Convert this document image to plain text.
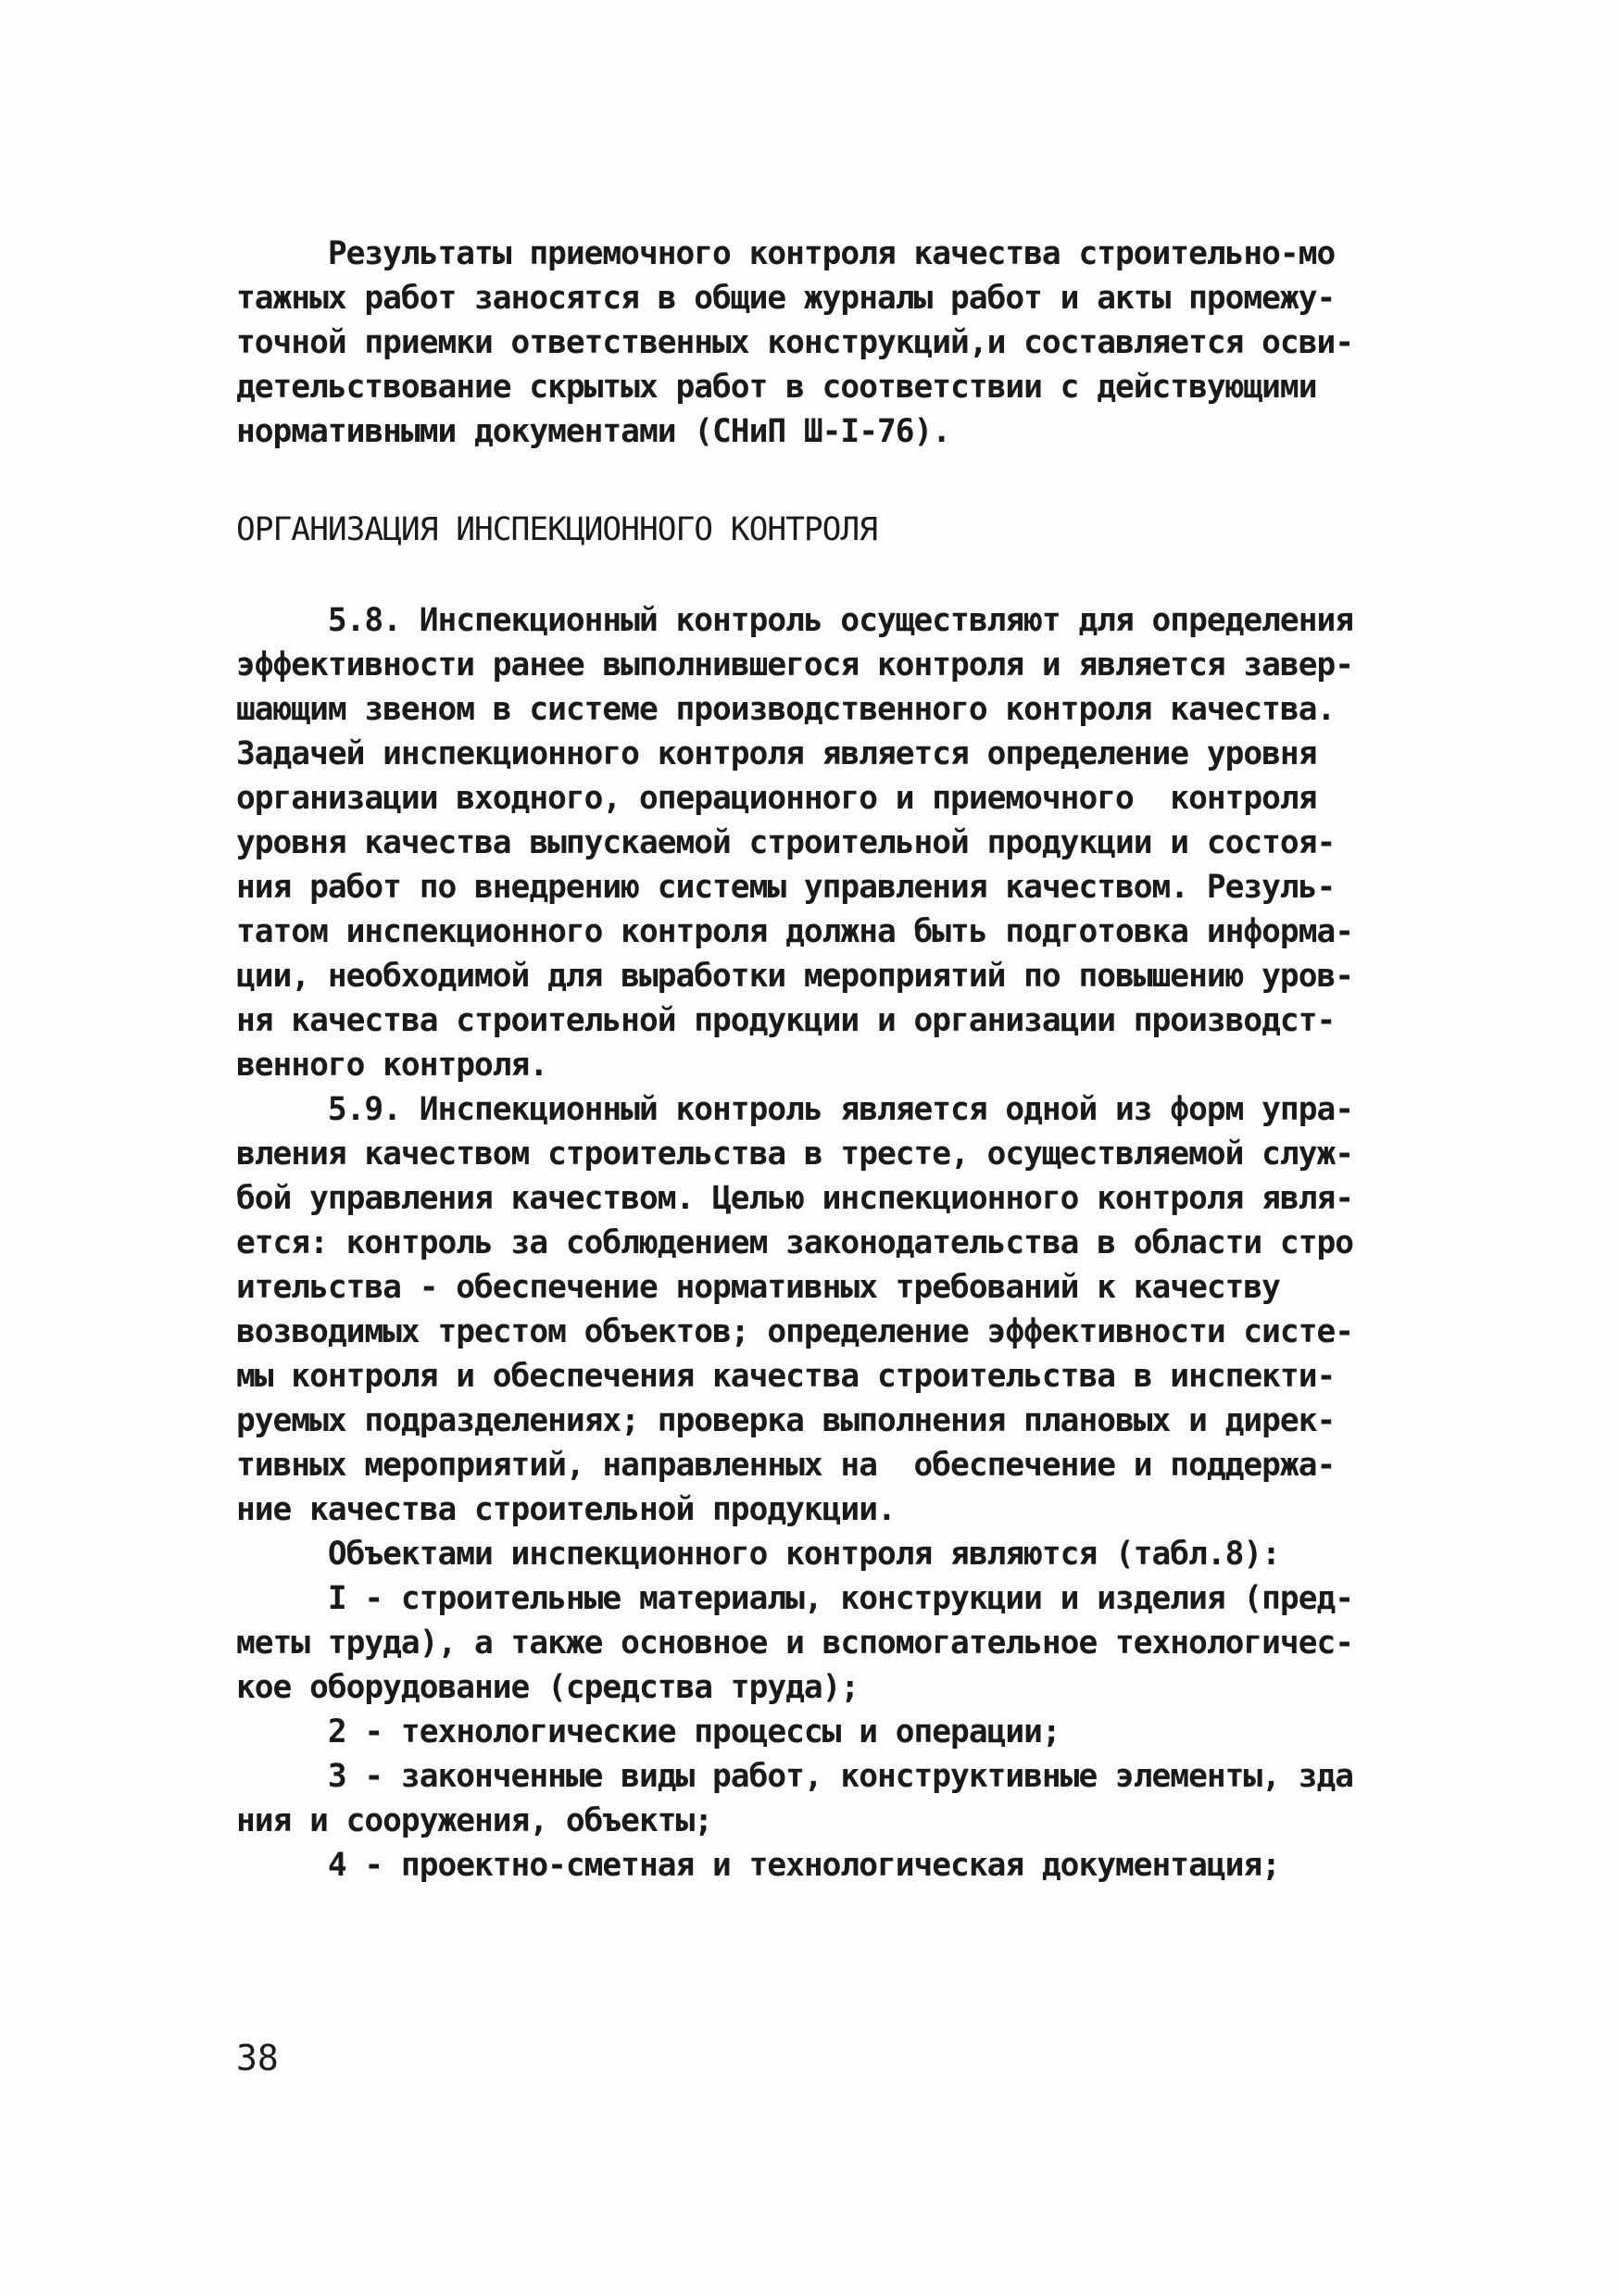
Результаты приемочного контроля качества строительно-мо
тажных работ заносятся в общие журналы работ и акты промежу-
точной приемки ответственных конструкций,и составляется осви-
детельствование скрытых работ в соответствии с действующими
нормативными документами (СНиП Ш-I-76).
ОРГАНИЗАЦИЯ ИНСПЕКЦИОННОГО КОНТРОЛЯ
5.8. Инспекционный контроль осуществляют для определения
эффективности ранее выполнившегося контроля и является завер-
шающим звеном в системе производственного контроля качества.
Задачей инспекционного контроля является определение уровня
организации входного, операционного и приемочного  контроля
уровня качества выпускаемой строительной продукции и состоя-
ния работ по внедрению системы управления качеством. Резуль-
татом инспекционного контроля должна быть подготовка информа-
ции, необходимой для выработки мероприятий по повышению уров-
ня качества строительной продукции и организации производст-
венного контроля.
5.9. Инспекционный контроль является одной из форм упра-
вления качеством строительства в тресте, осуществляемой служ-
бой управления качеством. Целью инспекционного контроля явля-
ется: контроль за соблюдением законодательства в области стро
ительства - обеспечение нормативных требований к качеству
возводимых трестом объектов; определение эффективности систе-
мы контроля и обеспечения качества строительства в инспекти-
руемых подразделениях; проверка выполнения плановых и дирек-
тивных мероприятий, направленных на  обеспечение и поддержа-
ние качества строительной продукции.
Объектами инспекционного контроля являются (табл.8):
I - строительные материалы, конструкции и изделия (пред-
меты труда), а также основное и вспомогательное технологичес-
кое оборудование (средства труда);
2 - технологические процессы и операции;
3 - законченные виды работ, конструктивные элементы, зда
ния и сооружения, объекты;
4 - проектно-сметная и технологическая документация;
38
